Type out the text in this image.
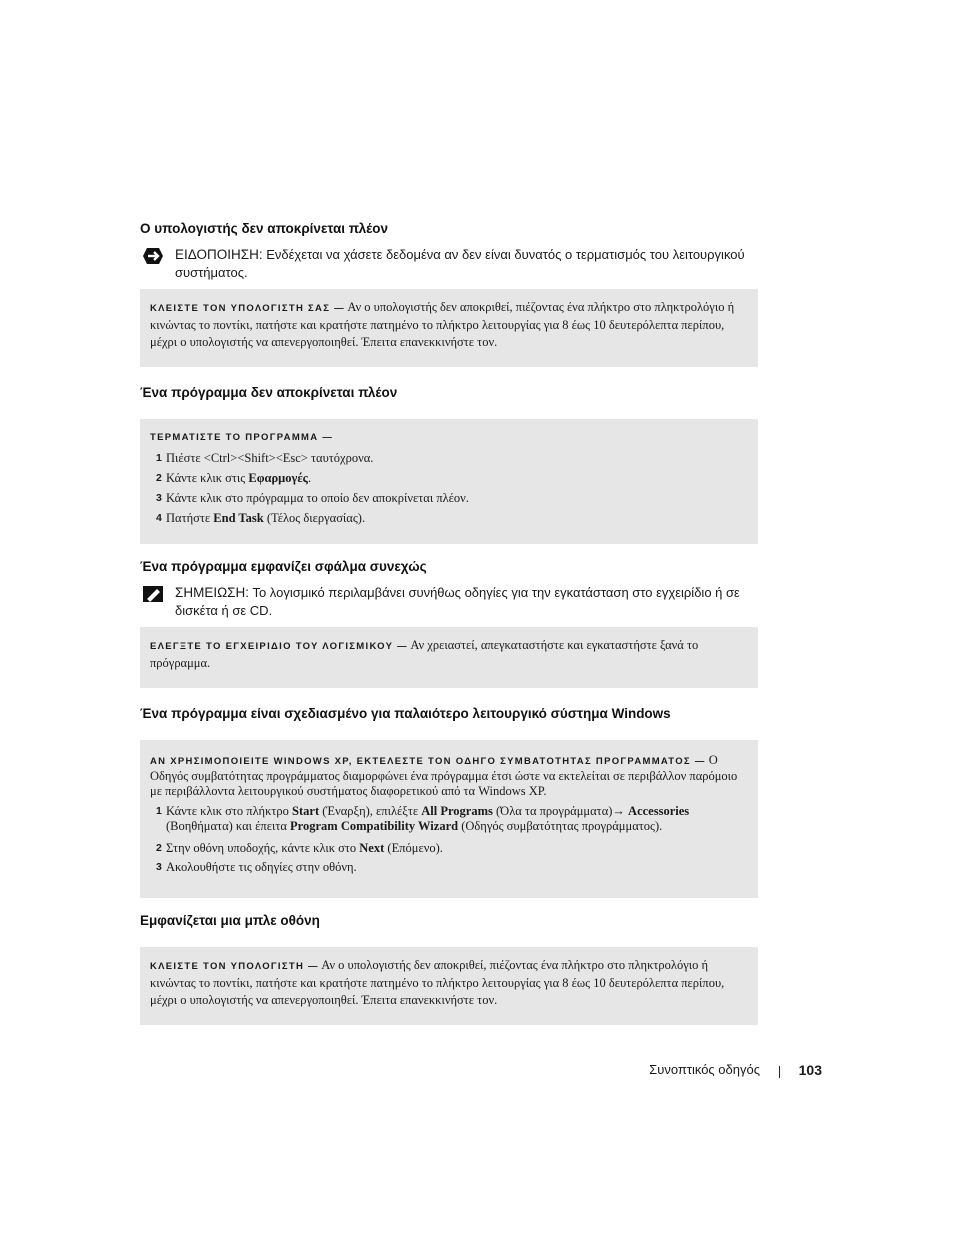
Ο υπολογιστής δεν αποκρίνεται πλέον
ΕΙΔΟΠΟΙΗΣΗ: Ενδέχεται να χάσετε δεδομένα αν δεν είναι δυνατός ο τερματισμός του λειτουργικού συστήματος.
ΚΛΕΙΣΤΕ ΤΟΝ ΥΠΟΛΟΓΙΣΤΗ ΣΑΣ — Αν ο υπολογιστής δεν αποκριθεί, πιέζοντας ένα πλήκτρο στο πληκτρολόγιο ή κινώντας το ποντίκι, πατήστε και κρατήστε πατημένο το πλήκτρο λειτουργίας για 8 έως 10 δευτερόλεπτα περίπου, μέχρι ο υπολογιστής να απενεργοποιηθεί. Έπειτα επανεκκινήστε τον.
Ένα πρόγραμμα δεν αποκρίνεται πλέον
ΤΕΡΜΑΤΙΣΤΕ ΤΟ ΠΡΟΓΡΑΜΜΑ —
1 Πιέστε <Ctrl><Shift><Esc> ταυτόχρονα.
2 Κάντε κλικ στις Εφαρμογές.
3 Κάντε κλικ στο πρόγραμμα το οποίο δεν αποκρίνεται πλέον.
4 Πατήστε End Task (Τέλος διεργασίας).
Ένα πρόγραμμα εμφανίζει σφάλμα συνεχώς
ΣΗΜΕΙΩΣΗ: Το λογισμικό περιλαμβάνει συνήθως οδηγίες για την εγκατάσταση στο εγχειρίδιο ή σε δισκέτα ή σε CD.
ΕΛΕΓΞΤΕ ΤΟ ΕΓΧΕΙΡΙΔΙΟ ΤΟΥ ΛΟΓΙΣΜΙΚΟΥ — Αν χρειαστεί, απεγκαταστήστε και εγκαταστήστε ξανά το πρόγραμμα.
Ένα πρόγραμμα είναι σχεδιασμένο για παλαιότερο λειτουργικό σύστημα Windows
ΑΝ ΧΡΗΣΙΜΟΠΟΙΕΙΤΕ WINDOWS XP, ΕΚΤΕΛΕΣΤΕ ΤΟΝ ΟΔΗΓΟ ΣΥΜΒΑΤΟΤΗΤΑΣ ΠΡΟΓΡΑΜΜΑΤΟΣ — Ο Οδηγός συμβατότητας προγράμματος διαμορφώνει ένα πρόγραμμα έτσι ώστε να εκτελείται σε περιβάλλον παρόμοιο με περιβάλλοντα λειτουργικού συστήματος διαφορετικού από τα Windows XP.
1 Κάντε κλικ στο πλήκτρο Start (Έναρξη), επιλέξτε All Programs (Όλα τα προγράμματα)→ Accessories (Βοηθήματα) και έπειτα Program Compatibility Wizard (Οδηγός συμβατότητας προγράμματος).
2 Στην οθόνη υποδοχής, κάντε κλικ στο Next (Επόμενο).
3 Ακολουθήστε τις οδηγίες στην οθόνη.
Εμφανίζεται μια μπλε οθόνη
ΚΛΕΙΣΤΕ ΤΟΝ ΥΠΟΛΟΓΙΣΤΗ — Αν ο υπολογιστής δεν αποκριθεί, πιέζοντας ένα πλήκτρο στο πληκτρολόγιο ή κινώντας το ποντίκι, πατήστε και κρατήστε πατημένο το πλήκτρο λειτουργίας για 8 έως 10 δευτερόλεπτα περίπου, μέχρι ο υπολογιστής να απενεργοποιηθεί. Έπειτα επανεκκινήστε τον.
Συνοπτικός οδηγός	103
